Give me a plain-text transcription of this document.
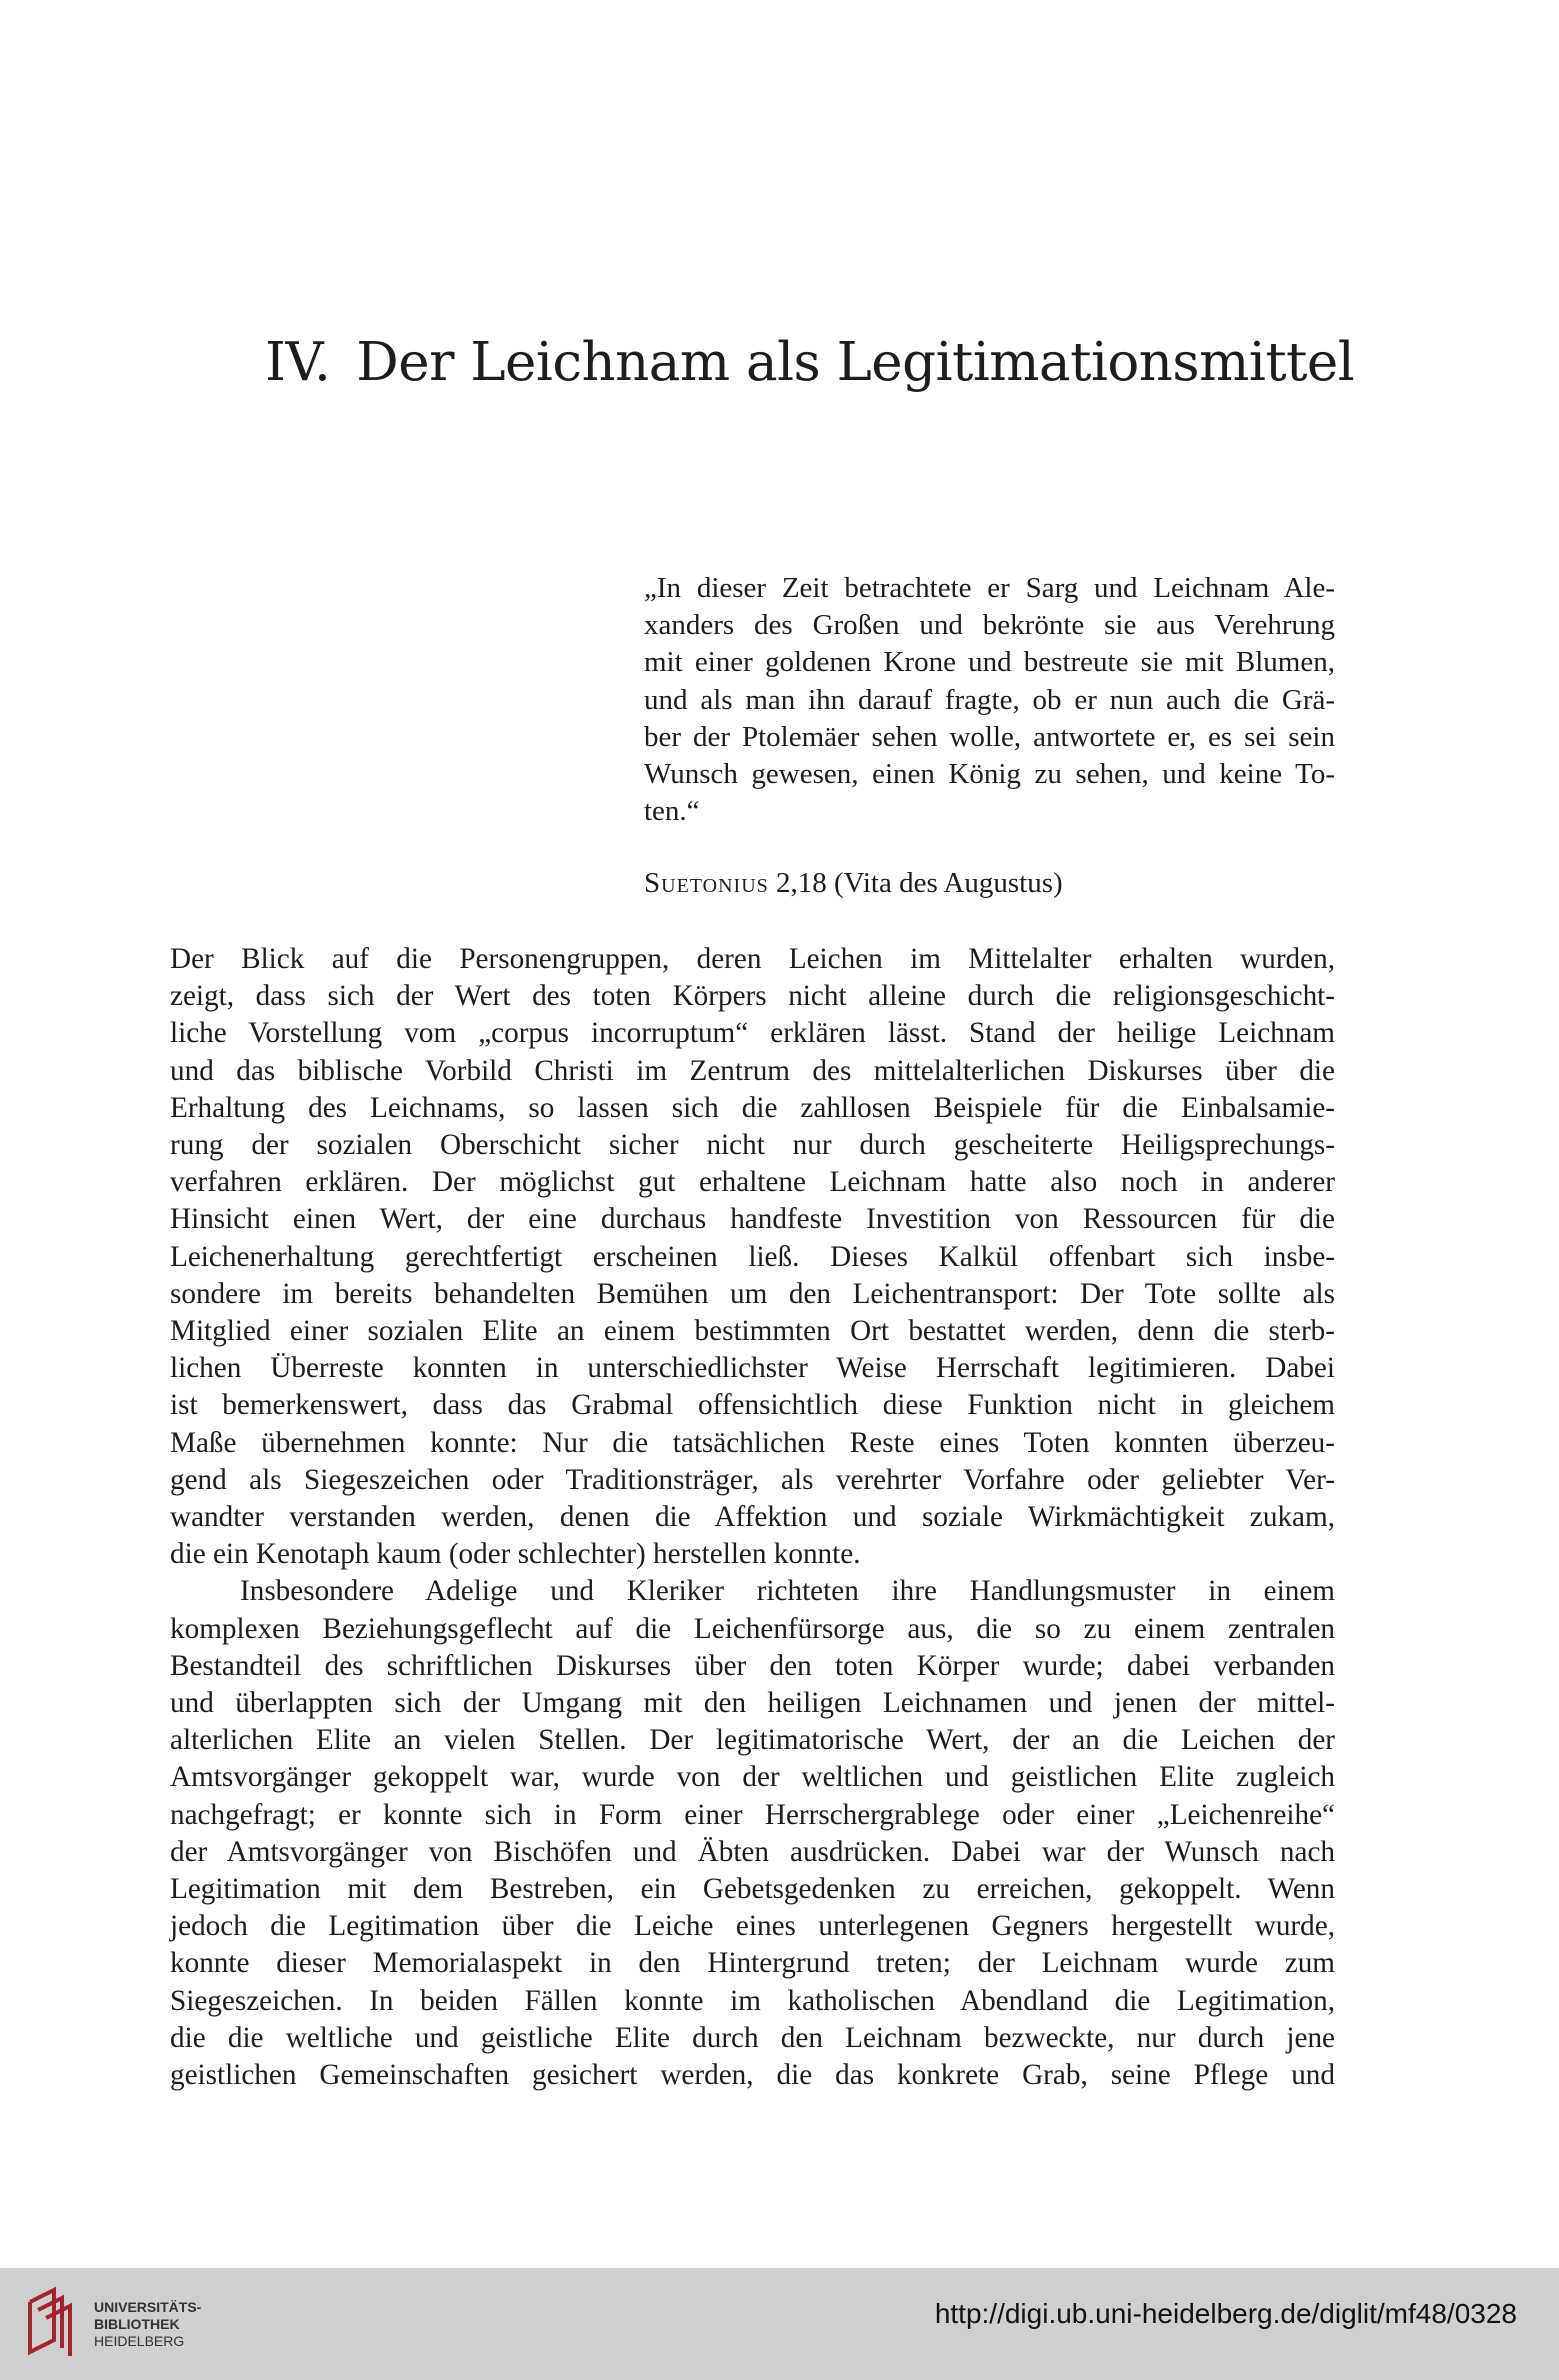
IV. Der Leichnam als Legitimationsmittel
„In dieser Zeit betrachtete er Sarg und Leichnam Ale-
xanders des Großen und bekrönte sie aus Verehrung
mit einer goldenen Krone und bestreute sie mit Blumen,
und als man ihn darauf fragte, ob er nun auch die Grä-
ber der Ptolemäer sehen wolle, antwortete er, es sei sein
Wunsch gewesen, einen König zu sehen, und keine To-
ten.“
Suetonius 2,18 (Vita des Augustus)
Der Blick auf die Personengruppen, deren Leichen im Mittelalter erhalten wurden,
zeigt, dass sich der Wert des toten Körpers nicht alleine durch die religionsgeschicht-
liche Vorstellung vom „corpus incorruptum“ erklären lässt. Stand der heilige Leichnam
und das biblische Vorbild Christi im Zentrum des mittelalterlichen Diskurses über die
Erhaltung des Leichnams, so lassen sich die zahllosen Beispiele für die Einbalsamie-
rung der sozialen Oberschicht sicher nicht nur durch gescheiterte Heiligsprechungs-
verfahren erklären. Der möglichst gut erhaltene Leichnam hatte also noch in anderer
Hinsicht einen Wert, der eine durchaus handfeste Investition von Ressourcen für die
Leichenerhaltung gerechtfertigt erscheinen ließ. Dieses Kalkül offenbart sich insbe-
sondere im bereits behandelten Bemühen um den Leichentransport: Der Tote sollte als
Mitglied einer sozialen Elite an einem bestimmten Ort bestattet werden, denn die sterb-
lichen Überreste konnten in unterschiedlichster Weise Herrschaft legitimieren. Dabei
ist bemerkenswert, dass das Grabmal offensichtlich diese Funktion nicht in gleichem
Maße übernehmen konnte: Nur die tatsächlichen Reste eines Toten konnten überzeu-
gend als Siegeszeichen oder Traditionsträger, als verehrter Vorfahre oder geliebter Ver-
wandter verstanden werden, denen die Affektion und soziale Wirkmächtigkeit zukam,
die ein Kenotaph kaum (oder schlechter) herstellen konnte.
Insbesondere Adelige und Kleriker richteten ihre Handlungsmuster in einem
komplexen Beziehungsgeflecht auf die Leichenfürsorge aus, die so zu einem zentralen
Bestandteil des schriftlichen Diskurses über den toten Körper wurde; dabei verbanden
und überlappten sich der Umgang mit den heiligen Leichnamen und jenen der mittel-
alterlichen Elite an vielen Stellen. Der legitimatorische Wert, der an die Leichen der
Amtsvorgänger gekoppelt war, wurde von der weltlichen und geistlichen Elite zugleich
nachgefragt; er konnte sich in Form einer Herrschergrablege oder einer „Leichenreihe“
der Amtsvorgänger von Bischöfen und Äbten ausdrücken. Dabei war der Wunsch nach
Legitimation mit dem Bestreben, ein Gebetsgedenken zu erreichen, gekoppelt. Wenn
jedoch die Legitimation über die Leiche eines unterlegenen Gegners hergestellt wurde,
konnte dieser Memorialaspekt in den Hintergrund treten; der Leichnam wurde zum
Siegeszeichen. In beiden Fällen konnte im katholischen Abendland die Legitimation,
die die weltliche und geistliche Elite durch den Leichnam bezweckte, nur durch jene
geistlichen Gemeinschaften gesichert werden, die das konkrete Grab, seine Pflege und
UNIVERSITÄTS-
BIBLIOTHEK
HEIDELBERG
http://digi.ub.uni-heidelberg.de/diglit/mf48/0328
